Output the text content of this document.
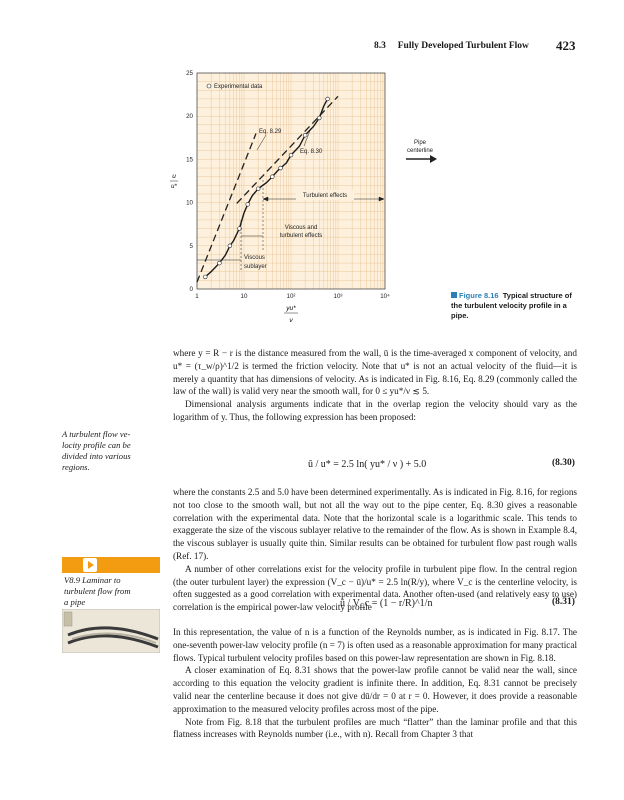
8.3 Fully Developed Turbulent Flow 423
1	10	10²	10³	10⁴
0
5
10
15
20
25
u
u*
yu*
ν
Experimental data
Eq. 8.29
Eq. 8.30
Pipe
centerline
Turbulent effects
Viscous and
turbulent effects
Viscous
sublayer
Figure 8.16 Typical structure of the turbulent velocity profile in a pipe.

where y = R − r is the distance measured from the wall, ū is the time-averaged x component of velocity, and u* = (τ_w/ρ)^1/2 is termed the friction velocity. Note that u* is not an actual velocity of the fluid—it is merely a quantity that has dimensions of velocity. As is indicated in Fig. 8.16, Eq. 8.29 (commonly called the law of the wall) is valid very near the smooth wall, for 0 ≤ yu*/ν ≲ 5.

Dimensional analysis arguments indicate that in the overlap region the velocity should vary as the logarithm of y. Thus, the following expression has been proposed:

ū / u* = 2.5 ln( yu* / ν ) + 5.0	(8.30)

where the constants 2.5 and 5.0 have been determined experimentally. As is indicated in Fig. 8.16, for regions not too close to the smooth wall, but not all the way out to the pipe center, Eq. 8.30 gives a reasonable correlation with the experimental data. Note that the horizontal scale is a logarithmic scale. This tends to exaggerate the size of the viscous sublayer relative to the remainder of the flow. As is shown in Example 8.4, the viscous sublayer is usually quite thin. Similar results can be obtained for turbulent flow past rough walls (Ref. 17).

A number of other correlations exist for the velocity profile in turbulent pipe flow. In the central region (the outer turbulent layer) the expression (V_c − ū)/u* = 2.5 ln(R/y), where V_c is the centerline velocity, is often suggested as a good correlation with experimental data. Another often-used (and relatively easy to use) correlation is the empirical power-law velocity profile

ū / V_c = (1 − r/R)^1/n	(8.31)

In this representation, the value of n is a function of the Reynolds number, as is indicated in Fig. 8.17. The one-seventh power-law velocity profile (n = 7) is often used as a reasonable approximation for many practical flows. Typical turbulent velocity profiles based on this power-law representation are shown in Fig. 8.18.

A closer examination of Eq. 8.31 shows that the power-law profile cannot be valid near the wall, since according to this equation the velocity gradient is infinite there. In addition, Eq. 8.31 cannot be precisely valid near the centerline because it does not give dū/dr = 0 at r = 0. However, it does provide a reasonable approximation to the measured velocity profiles across most of the pipe.

Note from Fig. 8.18 that the turbulent profiles are much “flatter” than the laminar profile and that this flatness increases with Reynolds number (i.e., with n). Recall from Chapter 3 that

A turbulent flow ve-
locity profile can be
divided into various
regions.
V8.9 Laminar to
turbulent flow from
a pipe
